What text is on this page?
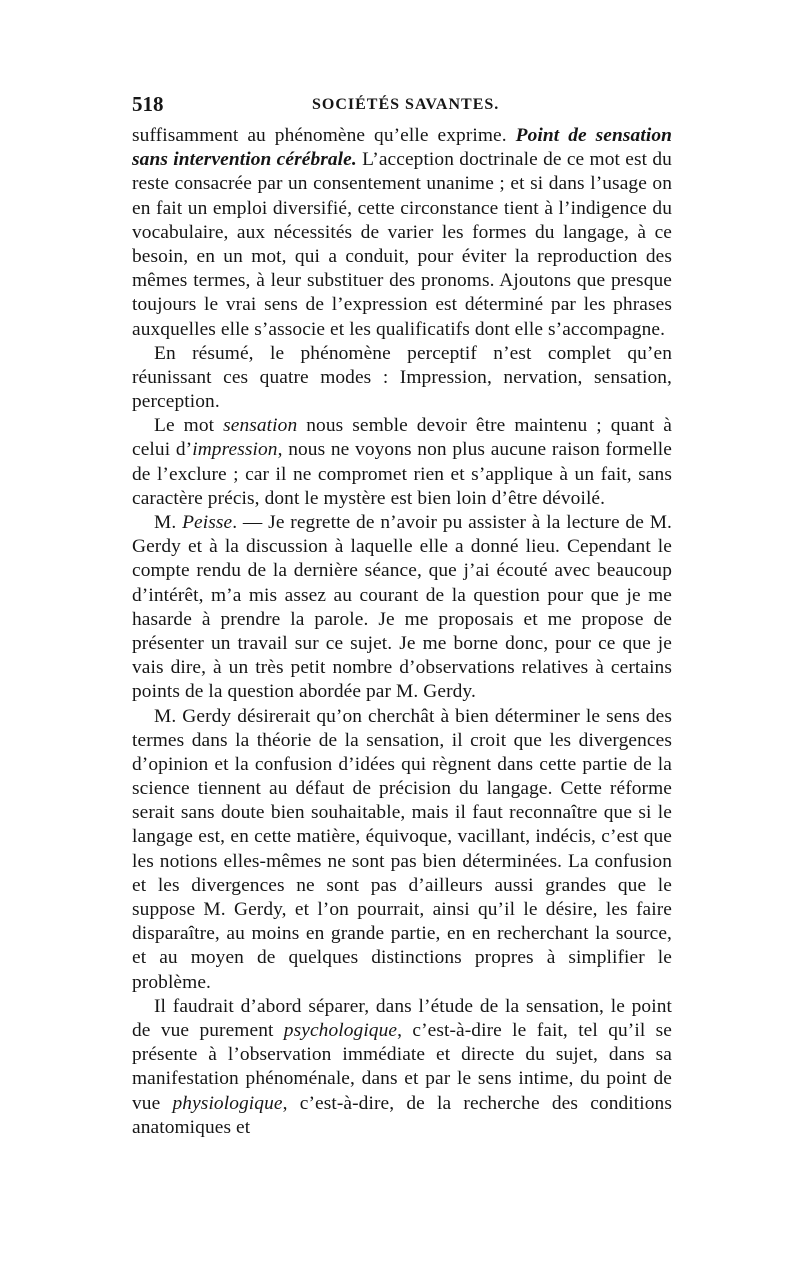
518	SOCIÉTÉS SAVANTES.

suffisamment au phénomène qu’elle exprime. Point de sensation sans intervention cérébrale. L’acception doctrinale de ce mot est du reste consacrée par un consentement unanime ; et si dans l’usage on en fait un emploi diversifié, cette circonstance tient à l’indigence du vocabulaire, aux nécessités de varier les formes du langage, à ce besoin, en un mot, qui a conduit, pour éviter la reproduction des mêmes termes, à leur substituer des pronoms. Ajoutons que presque toujours le vrai sens de l’expression est déterminé par les phrases auxquelles elle s’associe et les qualificatifs dont elle s’accompagne.

En résumé, le phénomène perceptif n’est complet qu’en réunissant ces quatre modes : Impression, nervation, sensation, perception.

Le mot sensation nous semble devoir être maintenu ; quant à celui d’impression, nous ne voyons non plus aucune raison formelle de l’exclure ; car il ne compromet rien et s’applique à un fait, sans caractère précis, dont le mystère est bien loin d’être dévoilé.

M. Peisse. — Je regrette de n’avoir pu assister à la lecture de M. Gerdy et à la discussion à laquelle elle a donné lieu. Cependant le compte rendu de la dernière séance, que j’ai écouté avec beaucoup d’intérêt, m’a mis assez au courant de la question pour que je me hasarde à prendre la parole. Je me proposais et me propose de présenter un travail sur ce sujet. Je me borne donc, pour ce que je vais dire, à un très petit nombre d’observations relatives à certains points de la question abordée par M. Gerdy.

M. Gerdy désirerait qu’on cherchât à bien déterminer le sens des termes dans la théorie de la sensation, il croit que les divergences d’opinion et la confusion d’idées qui règnent dans cette partie de la science tiennent au défaut de précision du langage. Cette réforme serait sans doute bien souhaitable, mais il faut reconnaître que si le langage est, en cette matière, équivoque, vacillant, indécis, c’est que les notions elles-mêmes ne sont pas bien déterminées. La confusion et les divergences ne sont pas d’ailleurs aussi grandes que le suppose M. Gerdy, et l’on pourrait, ainsi qu’il le désire, les faire disparaître, au moins en grande partie, en en recherchant la source, et au moyen de quelques distinctions propres à simplifier le problème.

Il faudrait d’abord séparer, dans l’étude de la sensation, le point de vue purement psychologique, c’est-à-dire le fait, tel qu’il se présente à l’observation immédiate et directe du sujet, dans sa manifestation phénoménale, dans et par le sens intime, du point de vue physiologique, c’est-à-dire, de la recherche des conditions anatomiques et
